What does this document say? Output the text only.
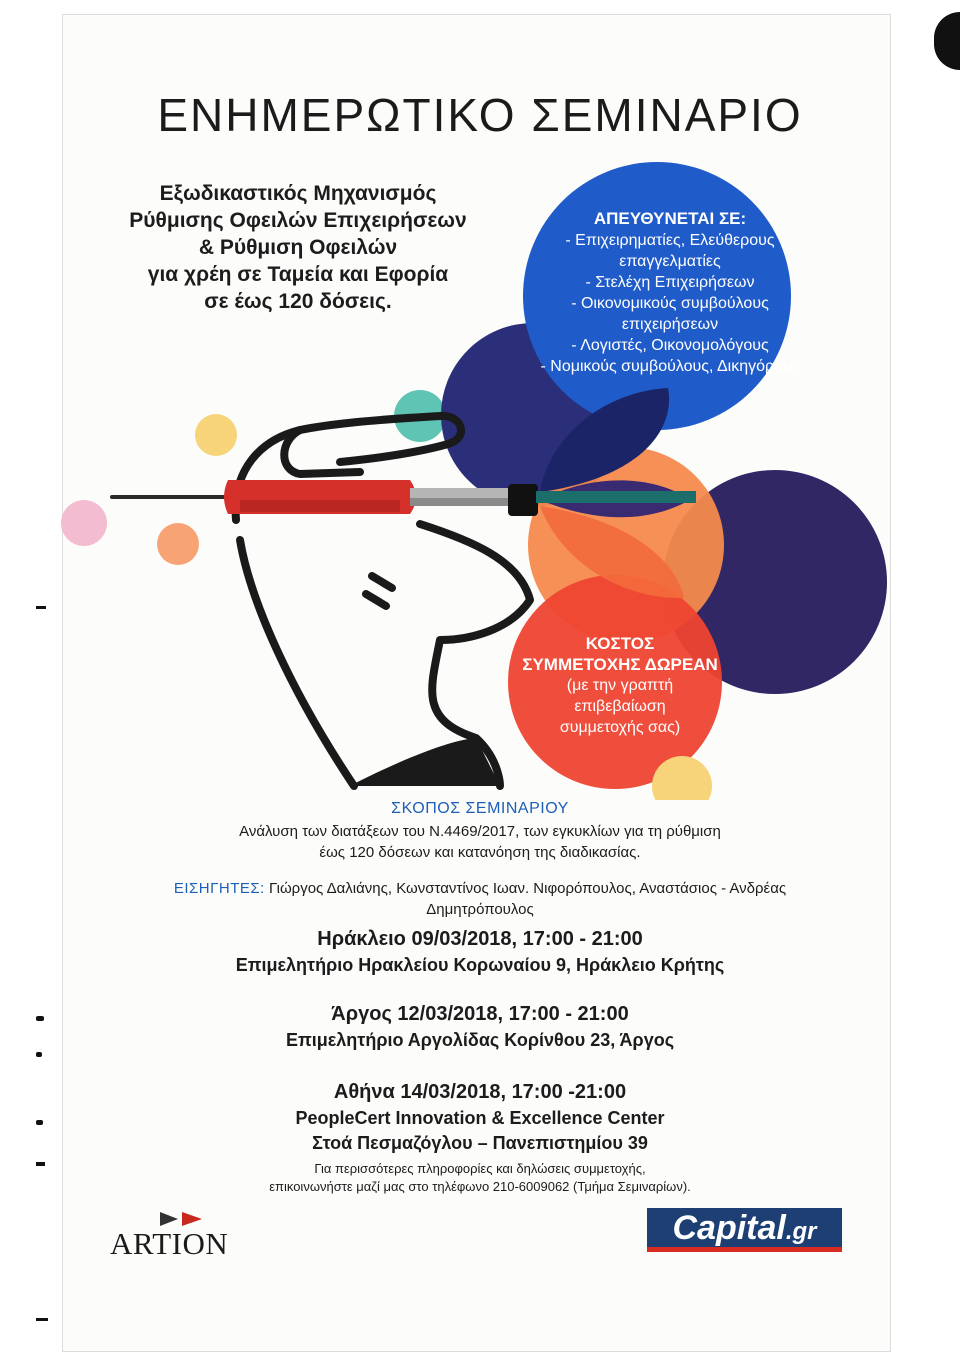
ΕΝΗΜΕΡΩΤΙΚΟ ΣΕΜΙΝΑΡΙΟ
Εξωδικαστικός Μηχανισμός
Ρύθμισης Οφειλών Επιχειρήσεων
& Ρύθμιση Οφειλών
για χρέη σε Ταμεία και Εφορία
σε έως 120 δόσεις.
ΑΠΕΥΘΥΝΕΤΑΙ ΣΕ:
- Επιχειρηματίες, Ελεύθερους
επαγγελματίες
- Στελέχη Επιχειρήσεων
- Οικονομικούς συμβούλους
επιχειρήσεων
- Λογιστές, Οικονομολόγους
- Νομικούς συμβούλους, Δικηγόρους
ΚΟΣΤΟΣ
ΣΥΜΜΕΤΟΧΗΣ ΔΩΡΕΑΝ
(με την γραπτή
επιβεβαίωση
συμμετοχής σας)
ΣΚΟΠΟΣ ΣΕΜΙΝΑΡΙΟΥ
Ανάλυση των διατάξεων του Ν.4469/2017, των εγκυκλίων για τη ρύθμιση
έως 120 δόσεων και κατανόηση της διαδικασίας.
ΕΙΣΗΓΗΤΕΣ: Γιώργος Δαλιάνης, Κωνσταντίνος Ιωαν. Νιφορόπουλος, Αναστάσιος - Ανδρέας
Δημητρόπουλος
Ηράκλειο 09/03/2018, 17:00 - 21:00
Επιμελητήριο Ηρακλείου Κορωναίου 9, Ηράκλειο Κρήτης
Άργος 12/03/2018, 17:00 - 21:00
Επιμελητήριο Αργολίδας Κορίνθου 23, Άργος
Αθήνα 14/03/2018, 17:00 -21:00
PeopleCert Innovation & Excellence Center
Στοά Πεσμαζόγλου – Πανεπιστημίου 39
Για περισσότερες πληροφορίες και δηλώσεις συμμετοχής,
επικοινωνήστε μαζί μας στο τηλέφωνο 210-6009062 (Τμήμα Σεμιναρίων).
ARTION	Capital.gr
